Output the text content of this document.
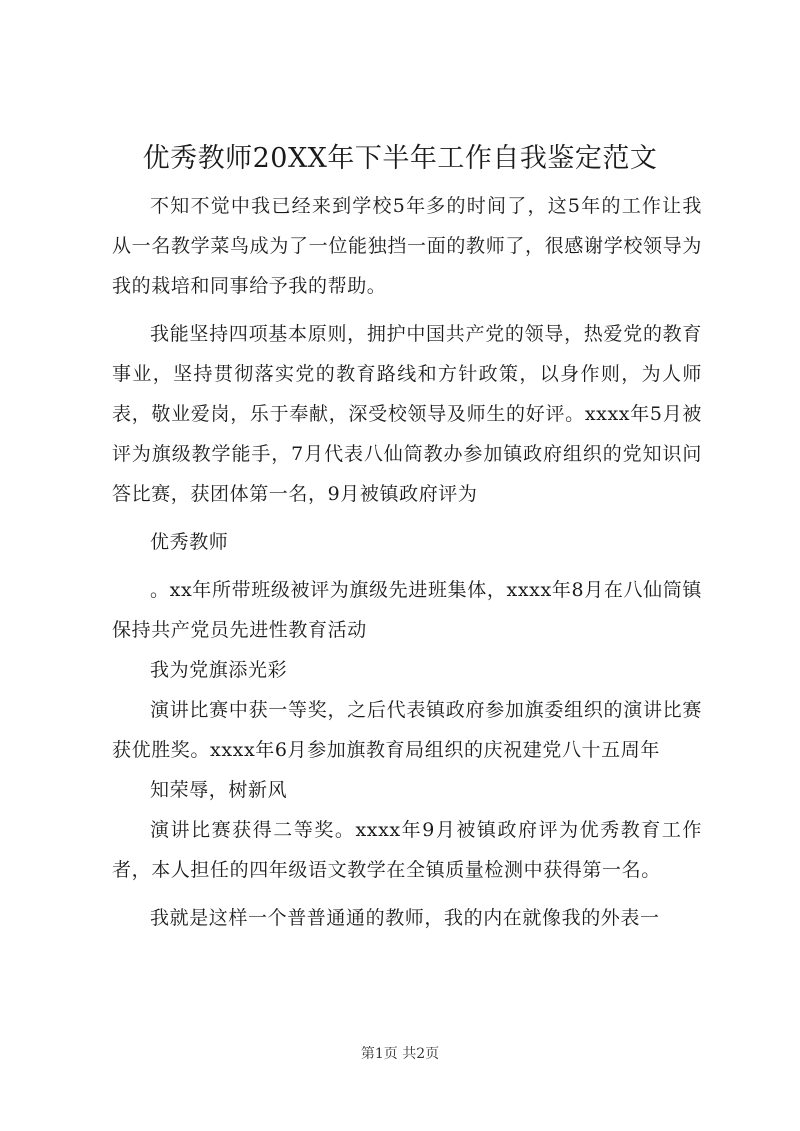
优秀教师20XX年下半年工作自我鉴定范文

不知不觉中我已经来到学校5年多的时间了，这5年的工作让我从一名教学菜鸟成为了一位能独挡一面的教师了，很感谢学校领导为我的栽培和同事给予我的帮助。

我能坚持四项基本原则，拥护中国共产党的领导，热爱党的教育事业，坚持贯彻落实党的教育路线和方针政策，以身作则，为人师表，敬业爱岗，乐于奉献，深受校领导及师生的好评。xxxx年5月被评为旗级教学能手，7月代表八仙筒教办参加镇政府组织的党知识问答比赛，获团体第一名，9月被镇政府评为

优秀教师

。xx年所带班级被评为旗级先进班集体，xxxx年8月在八仙筒镇保持共产党员先进性教育活动

我为党旗添光彩

演讲比赛中获一等奖，之后代表镇政府参加旗委组织的演讲比赛获优胜奖。xxxx年6月参加旗教育局组织的庆祝建党八十五周年

知荣辱，树新风

演讲比赛获得二等奖。xxxx年9月被镇政府评为优秀教育工作者，本人担任的四年级语文教学在全镇质量检测中获得第一名。

我就是这样一个普普通通的教师，我的内在就像我的外表一

第1页 共2页
